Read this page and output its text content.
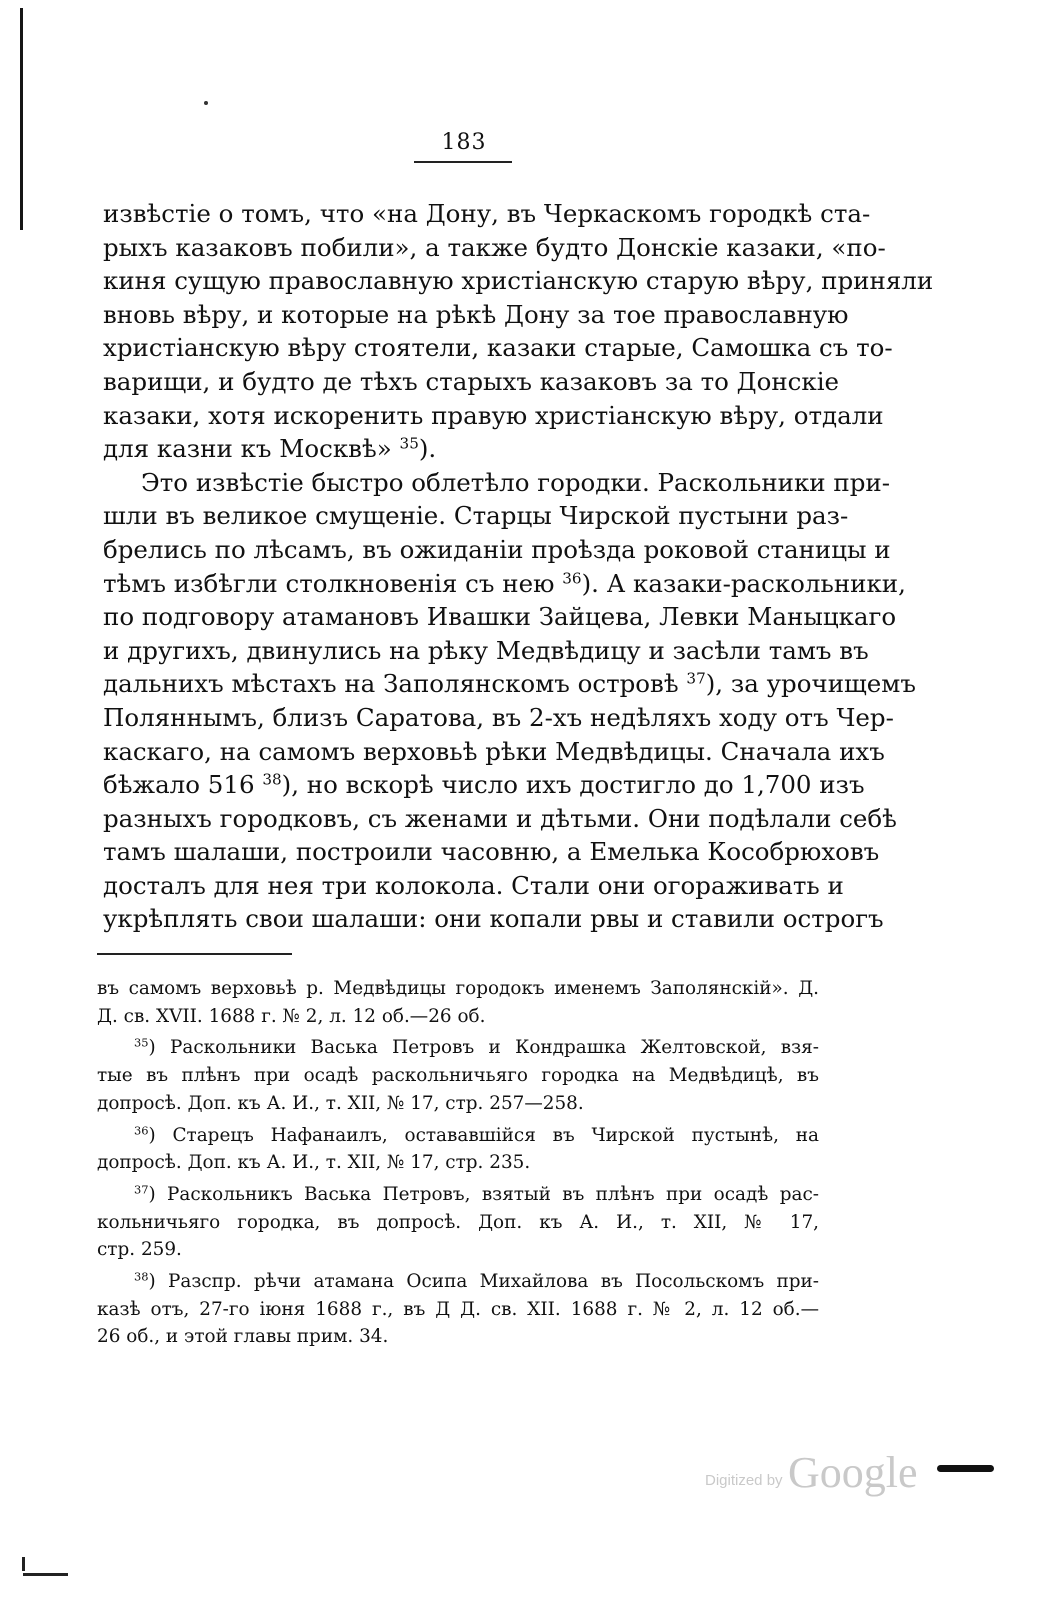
183
извѣстіе о томъ, что «на Дону, въ Черкаскомъ городкѣ ста-
рыхъ казаковъ побили», а также будто Донскіе казаки, «по-
киня сущую православную христіанскую старую вѣру, приняли
вновь вѣру, и которые на рѣкѣ Дону за тое православную
христіанскую вѣру стоятели, казаки старые, Самошка съ то-
варищи, и будто де тѣхъ старыхъ казаковъ за то Донскіе
казаки, хотя искоренить правую христіанскую вѣру, отдали
для казни къ Москвѣ» $^{35}$).
Это извѣстіе быстро облетѣло городки. Раскольники при-
шли въ великое смущеніе. Старцы Чирской пустыни раз-
брелись по лѣсамъ, въ ожиданіи проѣзда роковой станицы и
тѣмъ избѣгли столкновенія съ нею $^{36}$). А казаки-раскольники,
по подговору атамановъ Ивашки Зайцева, Левки Маныцкаго
и другихъ, двинулись на рѣку Медвѣдицу и засѣли тамъ въ
дальнихъ мѣстахъ на Заполянскомъ островѣ $^{37}$), за урочищемъ
Поляннымъ, близъ Саратова, въ 2-хъ недѣляхъ ходу отъ Чер-
каскаго, на самомъ верховьѣ рѣки Медвѣдицы. Сначала ихъ
бѣжало 516 $^{38}$), но вскорѣ число ихъ достигло до 1,700 изъ
разныхъ городковъ, съ женами и дѣтьми. Они подѣлали себѣ
тамъ шалаши, построили часовню, а Емелька Кособрюховъ
досталъ для нея три колокола. Стали они огораживать и
укрѣплять свои шалаши: они копали рвы и ставили острогъ
въ самомъ верховьѣ р. Медвѣдицы городокъ именемъ Заполянскій». Д.
Д. св. XVII. 1688 г. № 2, л. 12 об.—26 об.
$^{35}$) Раскольники Васька Петровъ и Кондрашка Желтовской, взя-
тые въ плѣнъ при осадѣ раскольничьяго городка на Медвѣдицѣ, въ
допросѣ. Доп. къ А. И., т. XII, № 17, стр. 257—258.
$^{36}$) Старецъ Нафанаилъ, остававшійся въ Чирской пустынѣ, на
допросѣ. Доп. къ А. И., т. XII, № 17, стр. 235.
$^{37}$) Раскольникъ Васька Петровъ, взятый въ плѣнъ при осадѣ рас-
кольничьяго городка, въ допросѣ. Доп. къ А. И., т. XII, № 17,
стр. 259.
$^{38}$) Разспр. рѣчи атамана Осипа Михайлова въ Посольскомъ при-
казѣ отъ, 27-го іюня 1688 г., въ Д Д. св. XII. 1688 г. № 2, л. 12 об.—
26 об., и этой главы прим. 34.
Digitized by Google
